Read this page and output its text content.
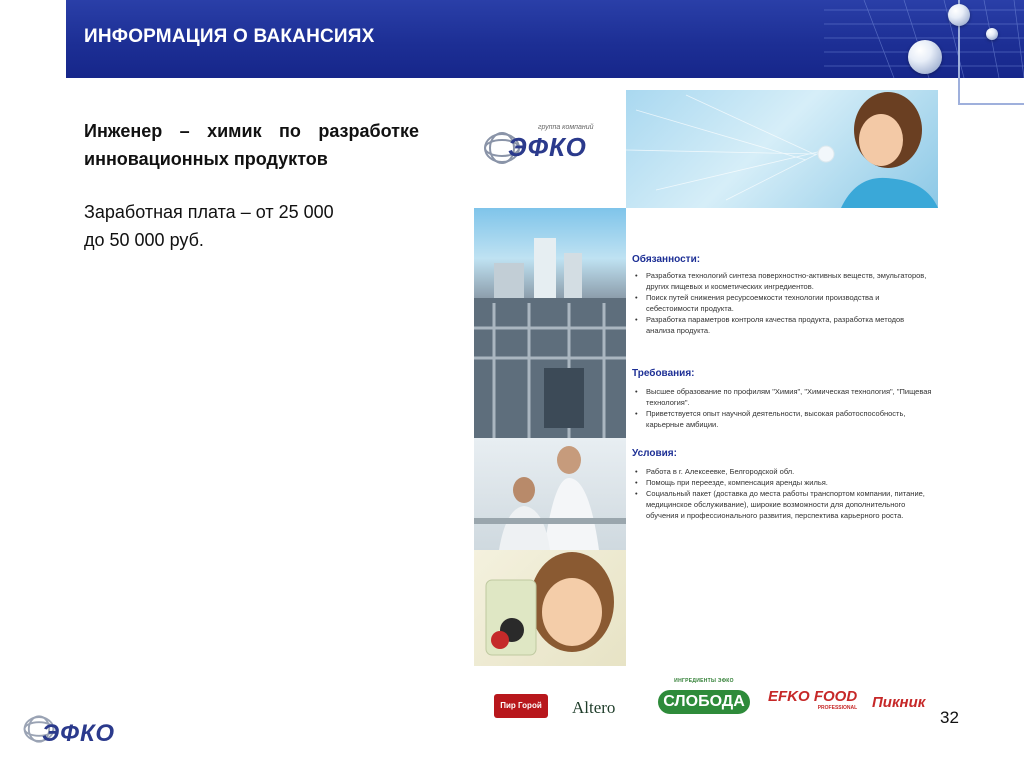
ИНФОРМАЦИЯ О ВАКАНСИЯХ
Инженер – химик по разработке инновационных продуктов
Заработная плата – от 25 000
до 50 000 руб.
группа компаний
ЭФКО
Обязанности:
• Разработка технологий синтеза поверхностно-активных веществ, эмульгаторов, других пищевых и косметических ингредиентов.
• Поиск путей снижения ресурсоемкости технологии производства и себестоимости продукта.
• Разработка параметров контроля качества продукта, разработка методов анализа продукта.
Требования:
• Высшее образование по профилям "Химия", "Химическая технология", "Пищевая технология".
• Приветствуется опыт научной деятельности, высокая работоспособность, карьерные амбиции.
Условия:
• Работа в г. Алексеевке, Белгородской обл.
• Помощь при переезде, компенсация аренды жилья.
• Социальный пакет (доставка до места работы транспортом компании, питание, медицинское обслуживание), широкие возможности для дополнительного обучения и профессионального развития, перспектива карьерного роста.
Пир Горой	Altero
ИНГРЕДИЕНТЫ ЭФКО
СЛОБОДА	EFKO FOOD
PROFESSIONAL Пикник
ЭФКО
32
